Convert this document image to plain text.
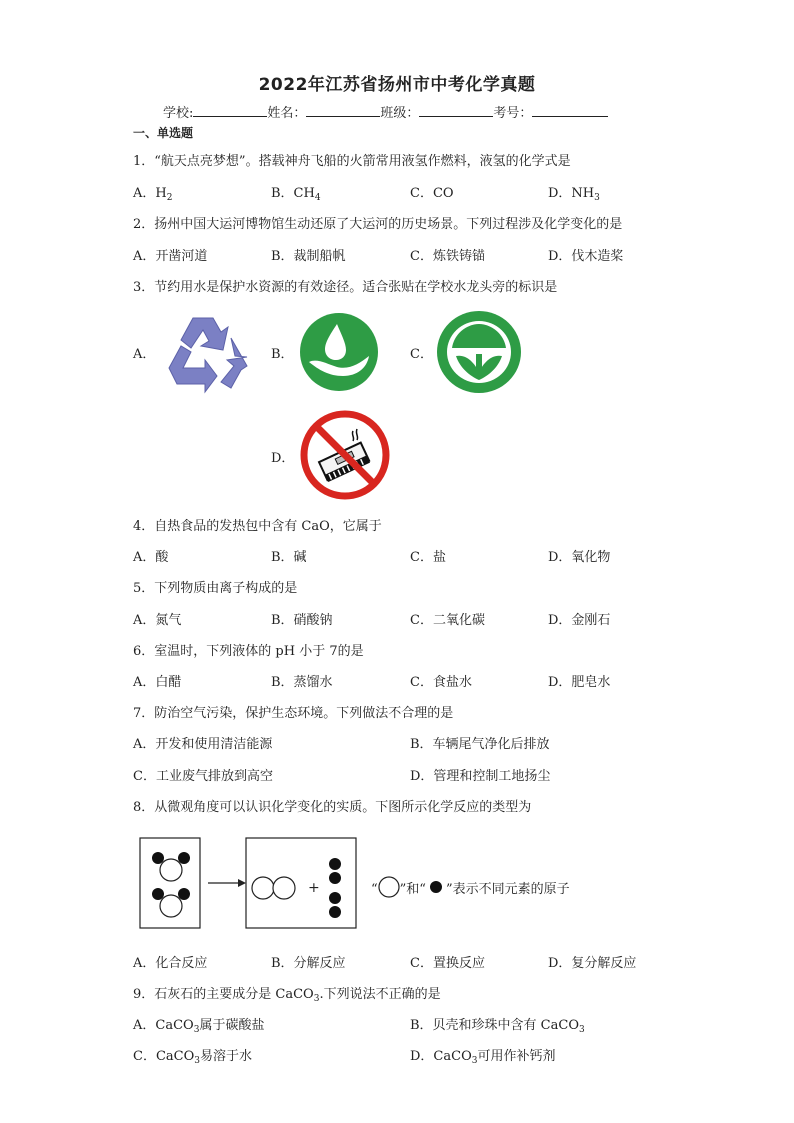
2022年江苏省扬州市中考化学真题
学校:	姓名：	班级：	考号：
一、单选题
1．“航天点亮梦想”。搭载神舟飞船的火箭常用液氢作燃料，液氢的化学式是
A．$H_2$	B．$CH_4$	C．CO	D．$NH_3$
2．扬州中国大运河博物馆生动还原了大运河的历史场景。下列过程涉及化学变化的是
A．开凿河道	B．裁制船帆	C．炼铁铸锚	D．伐木造桨
3．节约用水是保护水资源的有效途径。适合张贴在学校水龙头旁的标识是
A．	B．	C．
D．
4．自热食品的发热包中含有 CaO，它属于
A．酸	B．碱	C．盐	D．氧化物
5．下列物质由离子构成的是
A．氮气	B．硝酸钠	C．二氧化碳	D．金刚石
6．室温时，下列液体的 pH 小于 7的是
A．白醋	B．蒸馏水	C．食盐水	D．肥皂水
7．防治空气污染，保护生态环境。下列做法不合理的是
A．开发和使用清洁能源	B．车辆尾气净化后排放
C．工业废气排放到高空	D．管理和控制工地扬尘
8．从微观角度可以认识化学变化的实质。下图所示化学反应的类型为
+	“ ”和“ ”表示不同元素的原子
A．化合反应	B．分解反应	C．置换反应	D．复分解反应
9．石灰石的主要成分是 CaCO$_3$.下列说法不正确的是
A．CaCO$_3$属于碳酸盐	B．贝壳和珍珠中含有 CaCO$_3$
C．CaCO$_3$易溶于水	D．CaCO$_3$可用作补钙剂
